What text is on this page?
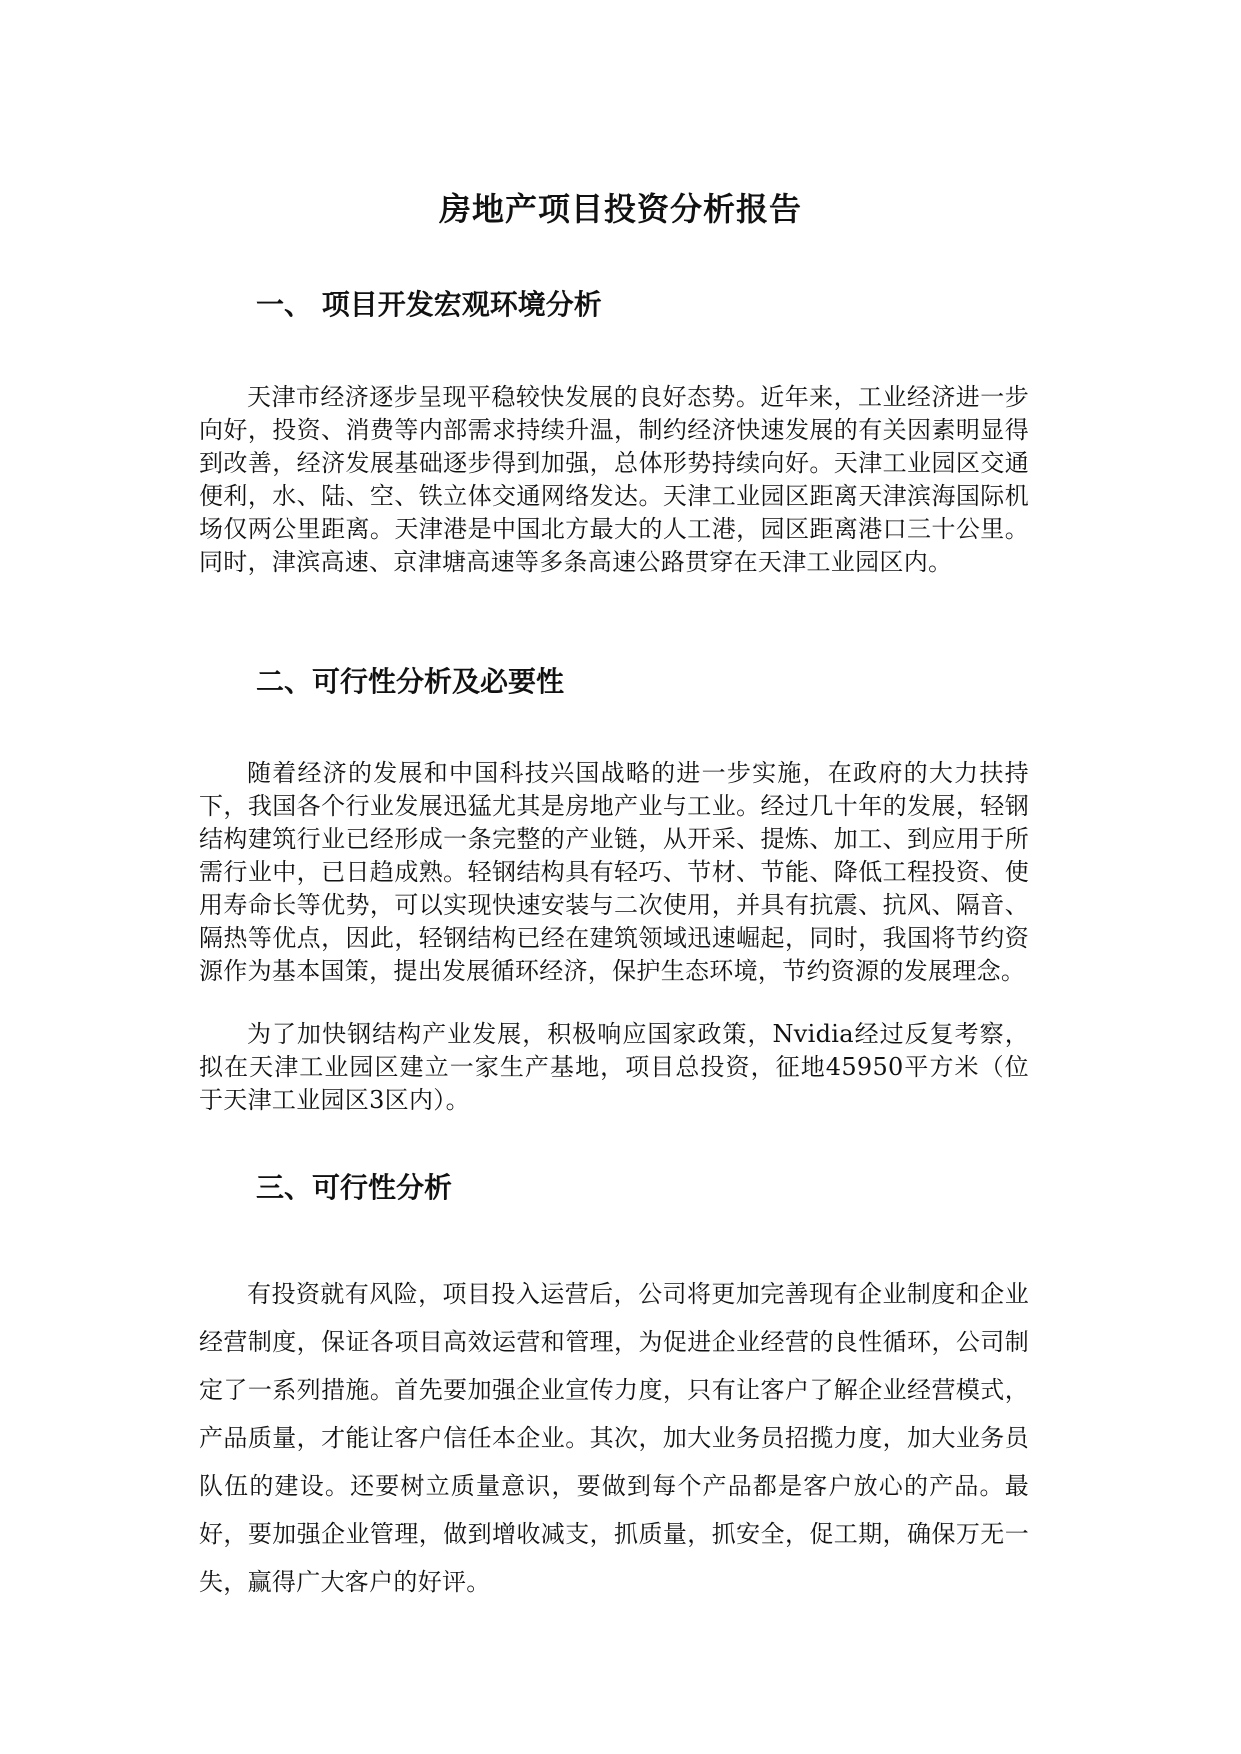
房地产项目投资分析报告
一、 项目开发宏观环境分析

天津市经济逐步呈现平稳较快发展的良好态势。近年来，工业经济进一步向好，投资、消费等内部需求持续升温，制约经济快速发展的有关因素明显得到改善，经济发展基础逐步得到加强，总体形势持续向好。天津工业园区交通便利，水、陆、空、铁立体交通网络发达。天津工业园区距离天津滨海国际机场仅两公里距离。天津港是中国北方最大的人工港，园区距离港口三十公里。同时，津滨高速、京津塘高速等多条高速公路贯穿在天津工业园区内。

二、可行性分析及必要性

随着经济的发展和中国科技兴国战略的进一步实施，在政府的大力扶持下，我国各个行业发展迅猛尤其是房地产业与工业。经过几十年的发展，轻钢结构建筑行业已经形成一条完整的产业链，从开采、提炼、加工、到应用于所需行业中，已日趋成熟。轻钢结构具有轻巧、节材、节能、降低工程投资、使用寿命长等优势，可以实现快速安装与二次使用，并具有抗震、抗风、隔音、隔热等优点，因此，轻钢结构已经在建筑领域迅速崛起，同时，我国将节约资源作为基本国策，提出发展循环经济，保护生态环境，节约资源的发展理念。

为了加快钢结构产业发展，积极响应国家政策，Nvidia经过反复考察，拟在天津工业园区建立一家生产基地，项目总投资，征地45950平方米（位于天津工业园区3区内）。

三、可行性分析

有投资就有风险，项目投入运营后，公司将更加完善现有企业制度和企业经营制度，保证各项目高效运营和管理，为促进企业经营的良性循环，公司制定了一系列措施。首先要加强企业宣传力度，只有让客户了解企业经营模式，产品质量，才能让客户信任本企业。其次，加大业务员招揽力度，加大业务员队伍的建设。还要树立质量意识，要做到每个产品都是客户放心的产品。最好，要加强企业管理，做到增收减支，抓质量，抓安全，促工期，确保万无一失，赢得广大客户的好评。
